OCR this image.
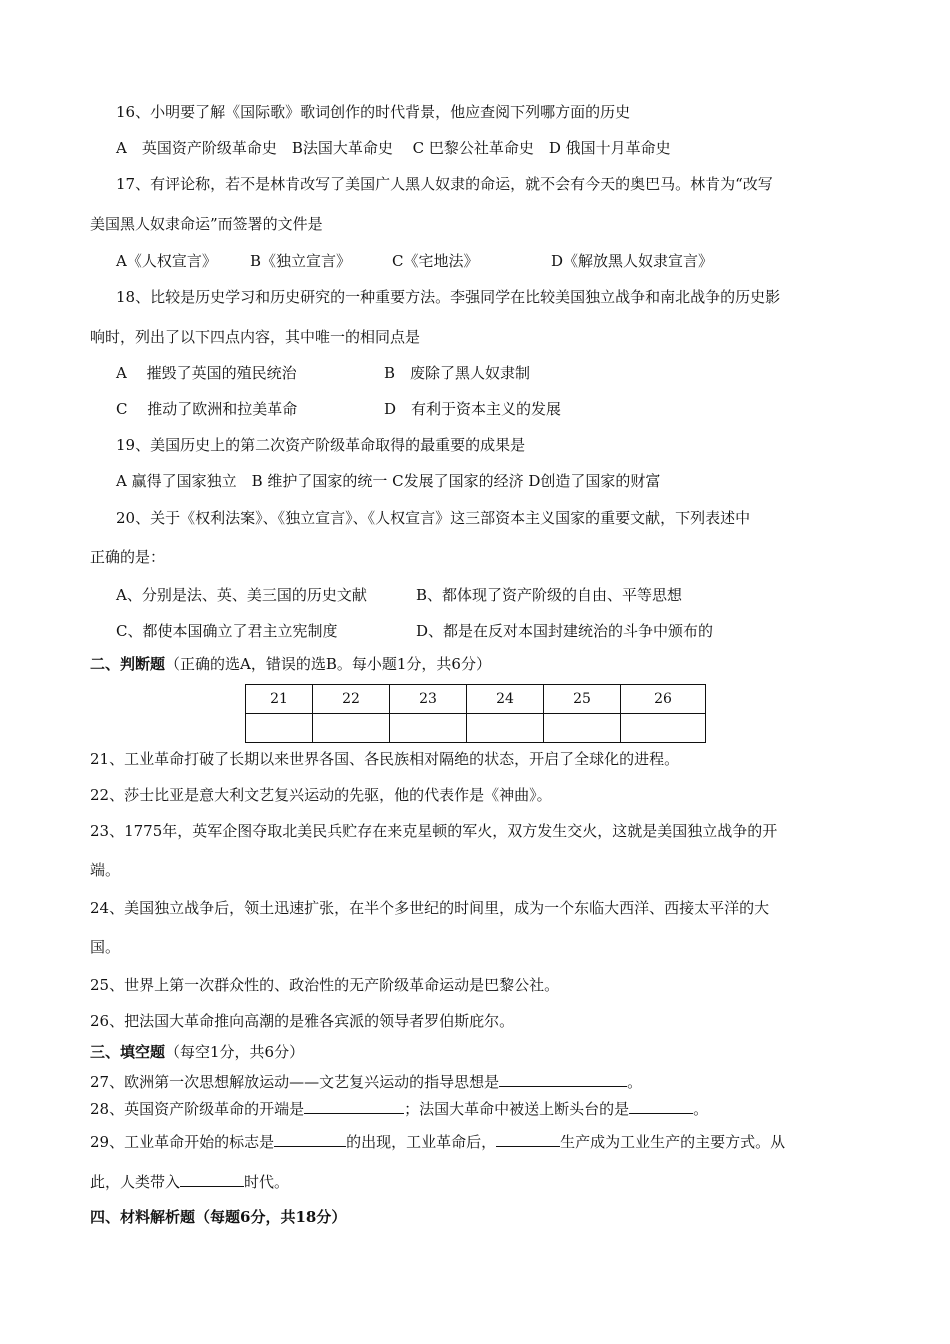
16、小明要了解《国际歌》歌词创作的时代背景，他应查阅下列哪方面的历史
A　英国资产阶级革命史　B法国大革命史　 C 巴黎公社革命史　D 俄国十月革命史
17、有评论称，若不是林肯改写了美国广人黑人奴隶的命运，就不会有今天的奥巴马。林肯为“改写
美国黑人奴隶命运”而签署的文件是
A《人权宣言》 B《独立宣言》	C《宅地法》	D《解放黑人奴隶宣言》
18、比较是历史学习和历史研究的一种重要方法。李强同学在比较美国独立战争和南北战争的历史影
响时，列出了以下四点内容，其中唯一的相同点是
A　 摧毁了英国的殖民统治	B　废除了黑人奴隶制
C　 推动了欧洲和拉美革命	D　有利于资本主义的发展
19、美国历史上的第二次资产阶级革命取得的最重要的成果是
A 赢得了国家独立　B 维护了国家的统一 C发展了国家的经济 D创造了国家的财富
20、关于《权利法案》、《独立宣言》、《人权宣言》这三部资本主义国家的重要文献，下列表述中
正确的是：
A、分别是法、英、美三国的历史文献	B、都体现了资产阶级的自由、平等思想
C、都使本国确立了君主立宪制度	D、都是在反对本国封建统治的斗争中颁布的
二、判断题（正确的选A，错误的选B。每小题1分，共6分）
21	22	23	24	25	26

21、工业革命打破了长期以来世界各国、各民族相对隔绝的状态，开启了全球化的进程。
22、莎士比亚是意大利文艺复兴运动的先驱，他的代表作是《神曲》。
23、1775年，英军企图夺取北美民兵贮存在来克星顿的军火，双方发生交火，这就是美国独立战争的开
端。
24、美国独立战争后，领土迅速扩张，在半个多世纪的时间里，成为一个东临大西洋、西接太平洋的大
国。
25、世界上第一次群众性的、政治性的无产阶级革命运动是巴黎公社。
26、把法国大革命推向高潮的是雅各宾派的领导者罗伯斯庇尔。
三、填空题（每空1分，共6分）
27、欧洲第一次思想解放运动——文艺复兴运动的指导思想是	。
28、英国资产阶级革命的开端是	；法国大革命中被送上断头台的是	。
29、工业革命开始的标志是	的出现，工业革命后，	生产成为工业生产的主要方式。从
此，人类带入	时代。
四、材料解析题（每题6分，共18分）
